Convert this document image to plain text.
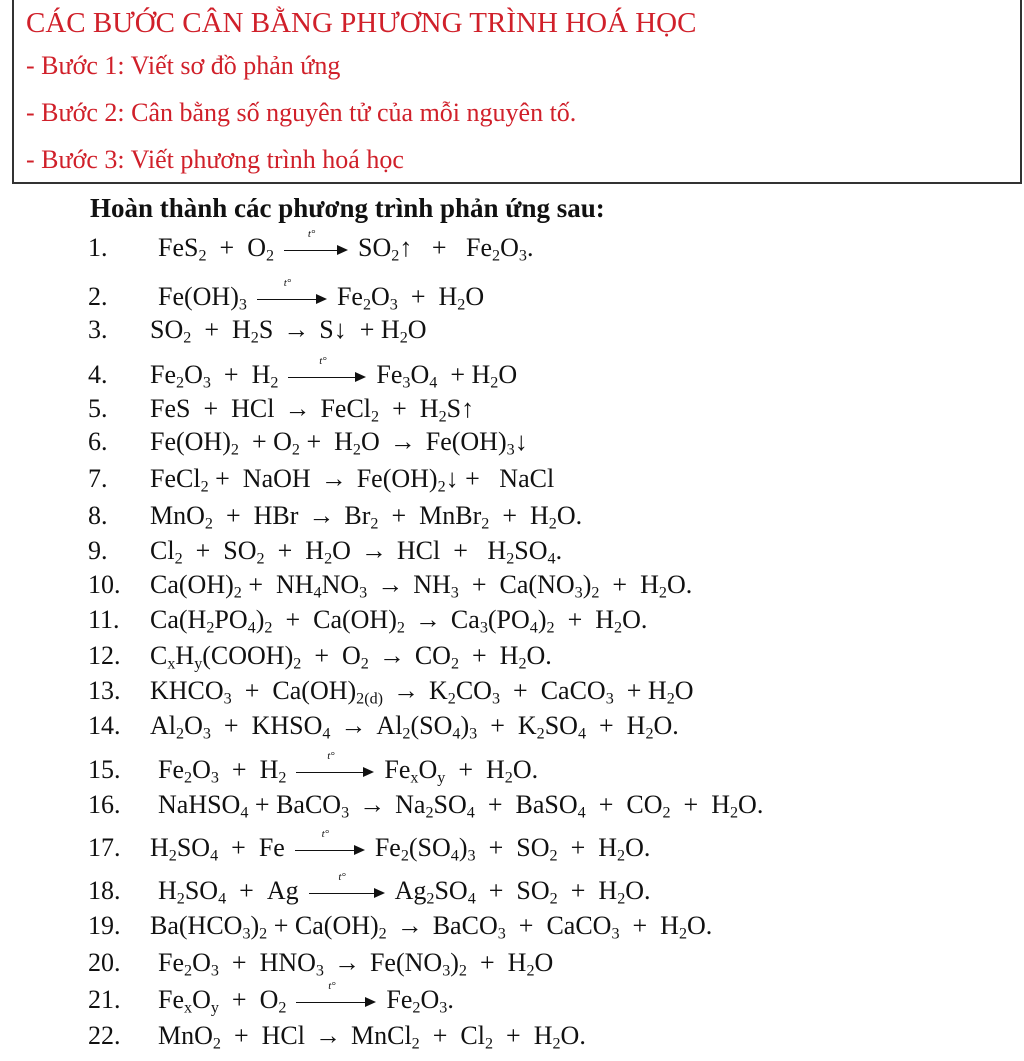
CÁC BƯỚC CÂN BẰNG PHƯƠNG TRÌNH HOÁ HỌC

- Bước 1: Viết sơ đồ phản ứng

- Bước 2: Cân bằng số nguyên tử của mỗi nguyên tố.

- Bước 3: Viết phương trình hoá học

Hoàn thành các phương trình phản ứng sau:
1. $FeS_2 + O_2$
t°	$SO_2↑ + Fe_2O_3$.
2. $Fe(OH)_3$
t°	$Fe_2O_3 + H_2O$
3. $SO_2 + H_2S$ → S↓  + $H_2O$
4. $Fe_2O_3 + H_2$
t°	$Fe_3O_4 + H_2O$
5. FeS  +  HCl → FeCl$_2$  +  $H_2S↑$
6. $Fe(OH)_2 + O_2 + H_2O$ → $Fe(OH)_3↓$
7. FeCl$_2$ +  NaOH → $Fe(OH)_2↓$ +   NaCl
8. MnO$_2$  +  HBr → $Br_2$  +  MnBr$_2$  +  $H_2O$.
9. $Cl_2 + SO_2 + H_2O$ → HCl  +   $H_2SO_4$.
10. $Ca(OH)_2 + NH_4NO_3 \to NH_3 + Ca(NO_3)_2 + H_2O$.
11. $Ca(H_2PO_4)_2 + Ca(OH)_2 \to Ca_3(PO_4)_2 + H_2O$.
12. $C_xH_y(COOH)_2 + O_2 \to CO_2 + H_2O$.
13. $KHCO_3 + Ca(OH)_{2(d)} \to K_2CO_3$  +  CaCO$_3$  + $H_2O$
14. $Al_2O_3$  +  $KHSO_4 \to Al_2(SO_4)_3 + K_2SO_4 + H_2O$.
15. $Fe_2O_3 + H_2$
t°	$Fe_xO_y + H_2O$.
16. NaHSO$_4$ + BaCO$_3$ → $Na_2SO_4$  +  BaSO$_4$  +  $CO_2 + H_2O$.
17. $H_2SO_4 + Fe$	t°	$Fe_2(SO_4)_3 + SO_2 + H_2O$.
18. $H_2SO_4 + Ag$	t°	$Ag_2SO_4 + SO_2 + H_2O$.
19. $Ba(HCO_3)_2 + Ca(OH)_2$ → BaCO$_3$  +  CaCO$_3$  +  $H_2O$.
20. $Fe_2O_3 + HNO_3 \to Fe(NO_3)_2 + H_2O$
21. $Fe_xO_y + O_2$
t°	$Fe_2O_3$.
22. MnO$_2$  +  HCl → MnCl$_2$  +  $Cl_2 + H_2O$.
